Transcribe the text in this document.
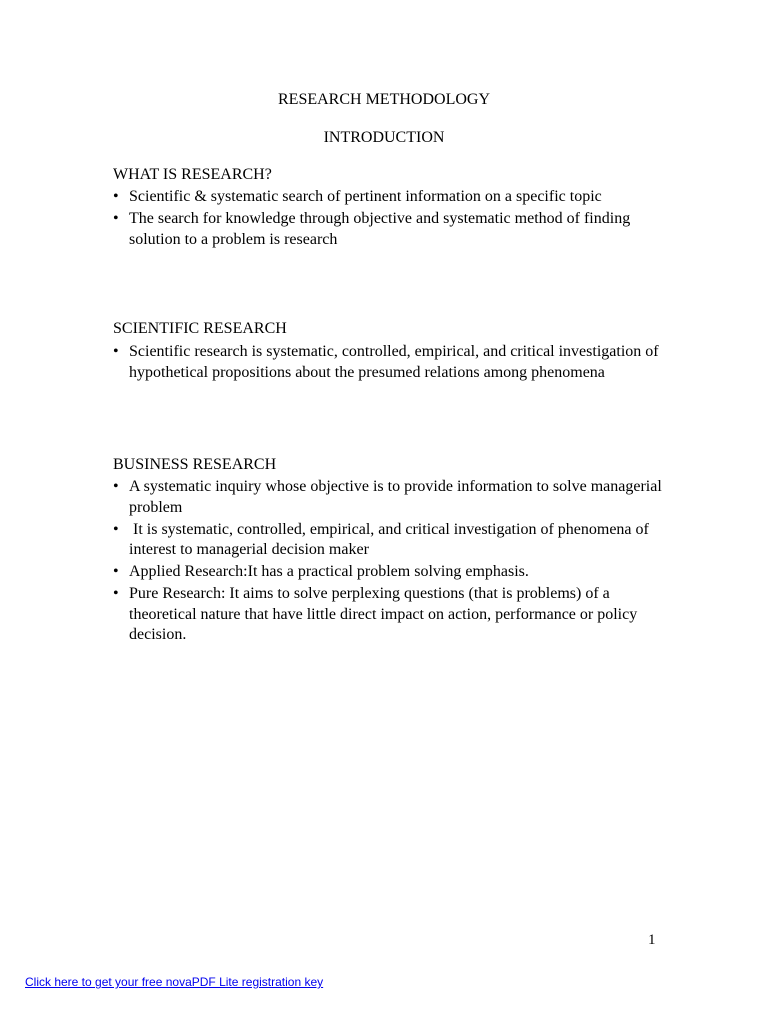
RESEARCH METHODOLOGY
INTRODUCTION
WHAT IS RESEARCH?
• Scientific & systematic search of pertinent information on a specific topic
• The search for knowledge through objective and systematic method of finding solution to a problem is research
SCIENTIFIC RESEARCH
• Scientific research is systematic, controlled, empirical, and critical investigation of hypothetical propositions about the presumed relations among phenomena
BUSINESS RESEARCH
• A systematic inquiry whose objective is to provide information to solve managerial problem
• It is systematic, controlled, empirical, and critical investigation of phenomena of interest to managerial decision maker
• Applied Research:It has a practical problem solving emphasis.
• Pure Research: It aims to solve perplexing questions (that is problems) of a theoretical nature that have little direct impact on action, performance or policy decision.
1
Click here to get your free novaPDF Lite registration key
